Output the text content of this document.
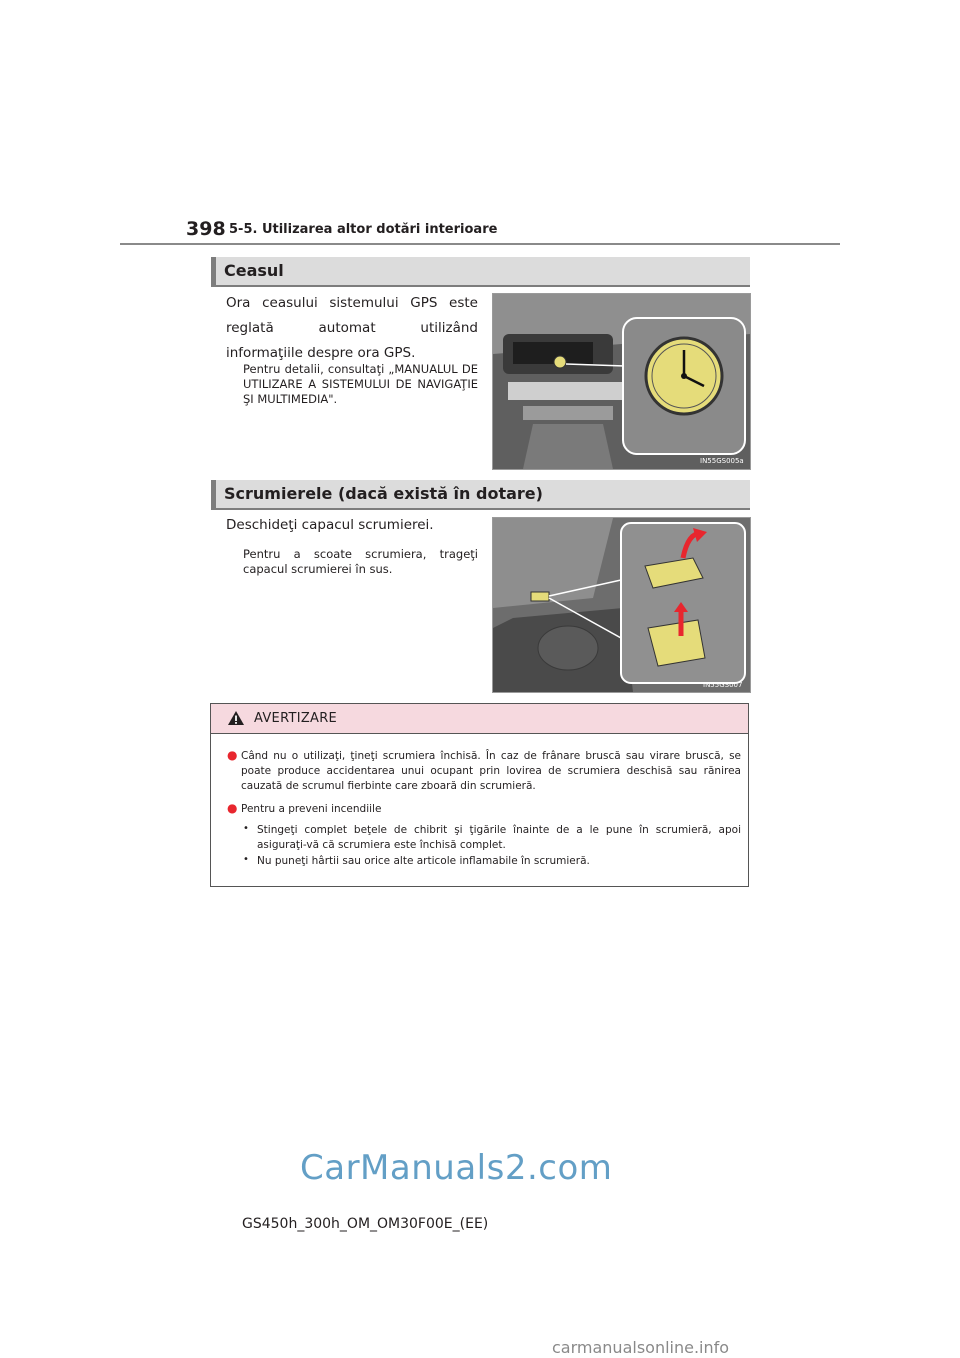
398 5-5. Utilizarea altor dotări interioare
Ceasul
Ora ceasului sistemului GPS este reglată automat utilizând informaţiile despre ora GPS.
Pentru detalii, consultaţi „MANUALUL DE UTILIZARE A SISTEMULUI DE NAVIGAŢIE ŞI MULTIMEDIA".
IN55GS005a
Scrumierele (dacă există în dotare)
Deschideţi capacul scrumierei.
Pentru a scoate scrumiera, trageţi capacul scrumierei în sus.
IN55GS007
AVERTIZARE
● Când nu o utilizaţi, ţineţi scrumiera închisă. În caz de frânare bruscă sau virare bruscă, se poate produce accidentarea unui ocupant prin lovirea de scrumiera deschisă sau rănirea cauzată de scrumul fierbinte care zboară din scrumieră.
● Pentru a preveni incendiile
• Stingeţi complet beţele de chibrit şi ţigările înainte de a le pune în scrumieră, apoi asiguraţi-vă că scrumiera este închisă complet.
• Nu puneţi hârtii sau orice alte articole inflamabile în scrumieră.
CarManuals2.com
GS450h_300h_OM_OM30F00E_(EE)
carmanualsonline.info
